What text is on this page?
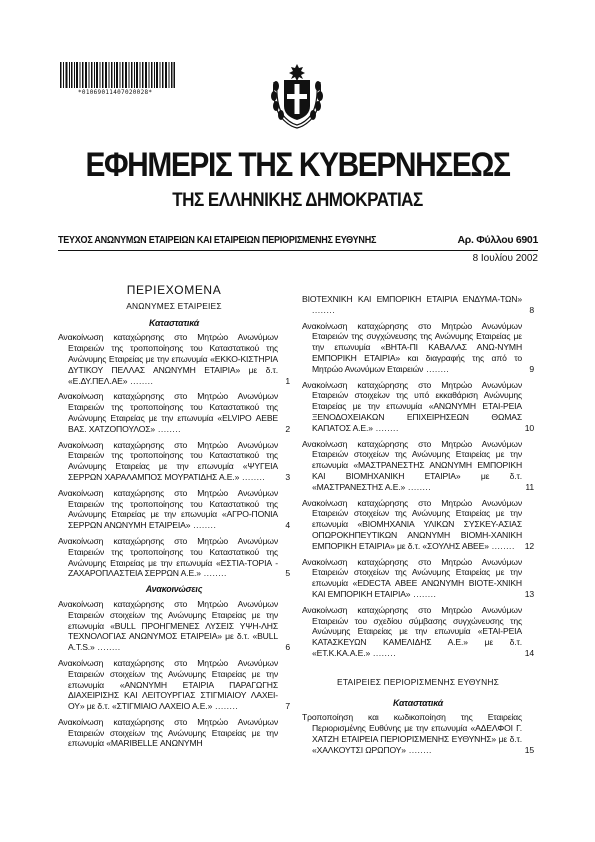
*01069011407020028*
ΕΦΗΜΕΡΙΣ ΤΗΣ ΚΥΒΕΡΝΗΣΕΩΣ
ΤΗΣ ΕΛΛΗΝΙΚΗΣ ΔΗΜΟΚΡΑΤΙΑΣ
ΤΕΥΧΟΣ ΑΝΩΝΥΜΩΝ ΕΤΑΙΡΕΙΩΝ ΚΑΙ ΕΤΑΙΡΕΙΩΝ ΠΕΡΙΟΡΙΣΜΕΝΗΣ ΕΥΘΥΝΗΣ	Αρ. Φύλλου 6901
8 Ιουλίου 2002
ΠΕΡΙΕΧΟΜΕΝΑ
ΑΝΩΝΥΜΕΣ ΕΤΑΙΡΕΙΕΣ
Καταστατικά
Ανακοίνωση καταχώρησης στο Μητρώο Ανωνύμων Εταιρειών της τροποποίησης του Καταστατικού της Ανώνυμης Εταιρείας με την επωνυμία «ΕΚΚΟ-ΚΙΣΤΗΡΙΑ ΔΥΤΙΚΟΥ ΠΕΛΛΑΣ ΑΝΩΝΥΜΗ ΕΤΑΙΡΙΑ» με δ.τ. «Ε.ΔΥ.ΠΕΛ.ΑΕ» ........	1
Ανακοίνωση καταχώρησης στο Μητρώο Ανωνύμων Εταιρειών της τροποποίησης του Καταστατικού της Ανώνυμης Εταιρείας με την επωνυμία «ELVIPO ΑΕΒΕ ΒΑΣ. ΧΑΤΖΟΠΟΥΛΟΣ» ........	2
Ανακοίνωση καταχώρησης στο Μητρώο Ανωνύμων Εταιρειών της τροποποίησης του Καταστατικού της Ανώνυμης Εταιρείας με την επωνυμία «ΨΥΓΕΙΑ ΣΕΡΡΩΝ ΧΑΡΑΛΑΜΠΟΣ ΜΟΥΡΑΤΙΔΗΣ Α.Ε.» ........ 3
Ανακοίνωση καταχώρησης στο Μητρώο Ανωνύμων Εταιρειών της τροποποίησης του Καταστατικού της Ανώνυμης Εταιρείας με την επωνυμία «ΑΓΡΟ-ΠΟΝΙΑ ΣΕΡΡΩΝ ΑΝΩΝΥΜΗ ΕΤΑΙΡΕΙΑ» ........	4
Ανακοίνωση καταχώρησης στο Μητρώο Ανωνύμων Εταιρειών της τροποποίησης του Καταστατικού της Ανώνυμης Εταιρείας με την επωνυμία «ΕΣΤΙΑ-ΤΟΡΙΑ - ΖΑΧΑΡΟΠΛΑΣΤΕΙΑ ΣΕΡΡΩΝ Α.Ε.» ........	5
Ανακοινώσεις
Ανακοίνωση καταχώρησης στο Μητρώο Ανωνύμων Εταιρειών στοιχείων της Ανώνυμης Εταιρείας με την επωνυμία «BULL ΠΡΟΗΓΜΕΝΕΣ ΛΥΣΕΙΣ ΥΨΗ-ΛΗΣ ΤΕΧΝΟΛΟΓΙΑΣ ΑΝΩΝΥΜΟΣ ΕΤΑΙΡΕΙΑ» με δ.τ. «BULL A.T.S.» ........	6
Ανακοίνωση καταχώρησης στο Μητρώο Ανωνύμων Εταιρειών στοιχείων της Ανώνυμης Εταιρείας με την επωνυμία «ΑΝΩΝΥΜΗ ΕΤΑΙΡΙΑ ΠΑΡΑΓΩΓΗΣ ΔΙΑΧΕΙΡΙΣΗΣ ΚΑΙ ΛΕΙΤΟΥΡΓΙΑΣ ΣΤΙΓΜΙΑΙΟΥ ΛΑΧΕΙ-ΟΥ» με δ.τ. «ΣΤΙΓΜΙΑΙΟ ΛΑΧΕΙΟ Α.Ε.» ........	7
Ανακοίνωση καταχώρησης στο Μητρώο Ανωνύμων Εταιρειών στοιχείων της Ανώνυμης Εταιρείας με την επωνυμία «MARIBELLE ΑΝΩΝΥΜΗ
ΒΙΟΤΕΧΝΙΚΗ ΚΑΙ ΕΜΠΟΡΙΚΗ ΕΤΑΙΡΙΑ ΕΝΔΥΜΑ-ΤΩΝ» ........	8
Ανακοίνωση καταχώρησης στο Μητρώο Ανωνύμων Εταιρειών της συγχώνευσης της Ανώνυμης Εταιρείας με την επωνυμία «ΒΗΤΑ-ΠΙ ΚΑΒΑΛΑΣ ΑΝΩ-ΝΥΜΗ ΕΜΠΟΡΙΚΗ ΕΤΑΙΡΙΑ» και διαγραφής της από το Μητρώο Ανωνύμων Εταιρειών ........	9
Ανακοίνωση καταχώρησης στο Μητρώο Ανωνύμων Εταιρειών στοιχείων της υπό εκκαθάριση Ανώνυμης Εταιρείας με την επωνυμία «ΑΝΩΝΥΜΗ ΕΤΑΙ-ΡΕΙΑ ΞΕΝΟΔΟΧΕΙΑΚΩΝ ΕΠΙΧΕΙΡΗΣΕΩΝ ΘΩΜΑΣ ΚΑΠΑΤΟΣ Α.Ε.» ........	10
Ανακοίνωση καταχώρησης στο Μητρώο Ανωνύμων Εταιρειών στοιχείων της Ανώνυμης Εταιρείας με την επωνυμία «ΜΑΣΤΡΑΝΕΣΤΗΣ ΑΝΩΝΥΜΗ ΕΜΠΟΡΙΚΗ ΚΑΙ ΒΙΟΜΗΧΑΝΙΚΗ ΕΤΑΙΡΙΑ» με δ.τ. «ΜΑΣΤΡΑΝΕΣΤΗΣ Α.Ε.» ........	11
Ανακοίνωση καταχώρησης στο Μητρώο Ανωνύμων Εταιρειών στοιχείων της Ανώνυμης Εταιρείας με την επωνυμία «ΒΙΟΜΗΧΑΝΙΑ ΥΛΙΚΩΝ ΣΥΣΚΕΥ-ΑΣΙΑΣ ΟΠΩΡΟΚΗΠΕΥΤΙΚΩΝ ΑΝΩΝΥΜΗ ΒΙΟΜΗ-ΧΑΝΙΚΗ ΕΜΠΟΡΙΚΗ ΕΤΑΙΡΙΑ» με δ.τ. «ΣΟΥΛΗΣ ΑΒΕΕ» ........ 12
Ανακοίνωση καταχώρησης στο Μητρώο Ανωνύμων Εταιρειών στοιχείων της Ανώνυμης Εταιρείας με την επωνυμία «EDECTA ΑΒΕΕ ΑΝΩΝΥΜΗ ΒΙΟΤΕ-ΧΝΙΚΗ ΚΑΙ ΕΜΠΟΡΙΚΗ ΕΤΑΙΡΙΑ» ........	13
Ανακοίνωση καταχώρησης στο Μητρώο Ανωνύμων Εταιρειών του σχεδίου σύμβασης συγχώνευσης της Ανώνυμης Εταιρείας με την επωνυμία «ΕΤΑΙ-ΡΕΙΑ ΚΑΤΑΣΚΕΥΩΝ ΚΑΜΕΛΙΔΗΣ Α.Ε.» με δ.τ. «ΕΤ.Κ.ΚΑ.Α.Ε.» ........	14
ΕΤΑΙΡΕΙΕΣ ΠΕΡΙΟΡΙΣΜΕΝΗΣ ΕΥΘΥΝΗΣ
Καταστατικά
Τροποποίηση και κωδικοποίηση της Εταιρείας Περιορισμένης Ευθύνης με την επωνυμία «ΑΔΕΛΦΟΙ Γ. ΧΑΤΖΗ ΕΤΑΙΡΕΙΑ ΠΕΡΙΟΡΙΣΜΕΝΗΣ ΕΥΘΥΝΗΣ» με δ.τ. «ΧΑΛΚΟΥΤΣΙ ΩΡΩΠΟΥ» ........	15
